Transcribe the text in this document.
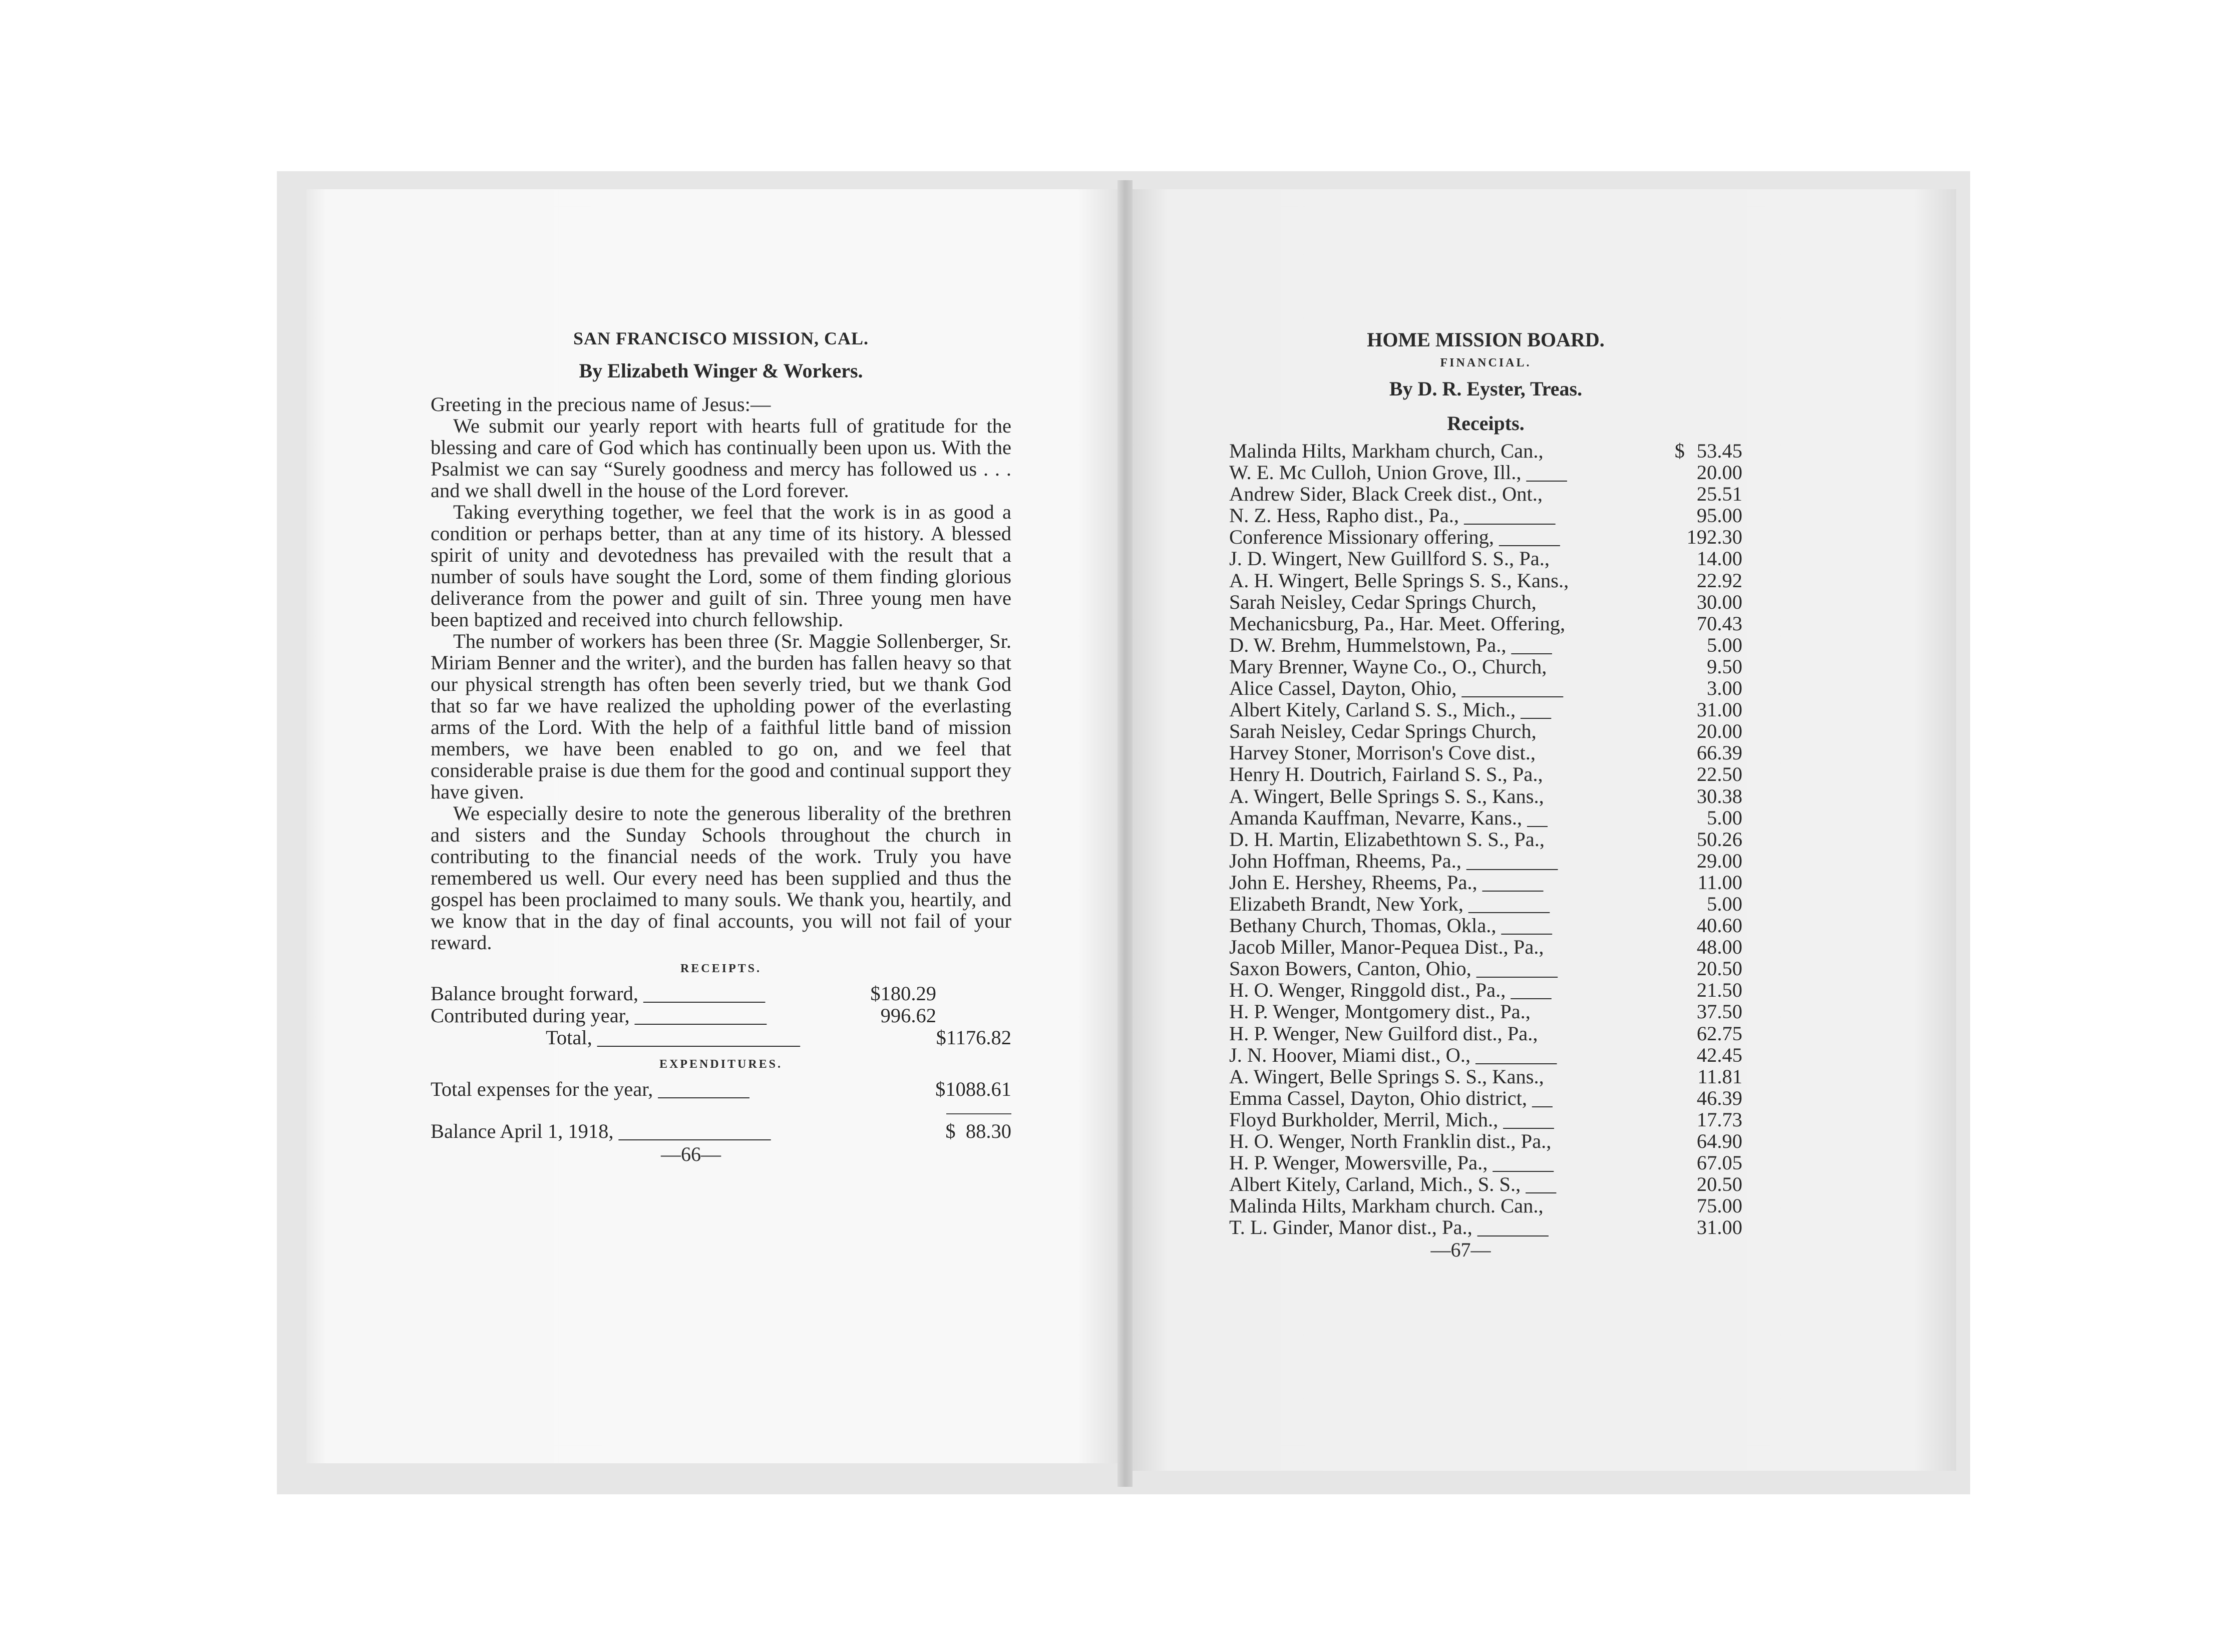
SAN FRANCISCO MISSION, CAL.
By Elizabeth Winger & Workers.

Greeting in the precious name of Jesus:—

We submit our yearly report with hearts full of gratitude for the blessing and care of God which has continually been upon us. With the Psalmist we can say “Surely goodness and mercy has followed us . . . and we shall dwell in the house of the Lord forever.

Taking everything together, we feel that the work is in as good a condition or perhaps better, than at any time of its history. A blessed spirit of unity and devotedness has prevailed with the result that a number of souls have sought the Lord, some of them finding glorious deliverance from the power and guilt of sin. Three young men have been baptized and received into church fellowship.

The number of workers has been three (Sr. Maggie Sollenberger, Sr. Miriam Benner and the writer), and the burden has fallen heavy so that our physical strength has often been severly tried, but we thank God that so far we have realized the upholding power of the everlasting arms of the Lord. With the help of a faithful little band of mission members, we have been enabled to go on, and we feel that considerable praise is due them for the good and continual support they have given.

We especially desire to note the generous liberality of the brethren and sisters and the Sunday Schools throughout the church in contributing to the financial needs of the work. Truly you have remembered us well. Our every need has been supplied and thus the gospel has been proclaimed to many souls. We thank you, heartily, and we know that in the day of final accounts, you will not fail of your reward.

RECEIPTS.
Balance brought forward, ____________	$180.29
Contributed during year, _____________	996.62
Total, ____________________	$1176.82
EXPENDITURES.
Total expenses for the year, _________	$1088.61
Balance April 1, 1918, _______________	$  88.30
—66—
HOME MISSION BOARD.
FINANCIAL.
By D. R. Eyster, Treas.
Receipts.
Malinda Hilts, Markham church, Can.,	$ 53.45
W. E. Mc Culloh, Union Grove, Ill., ____	20.00
Andrew Sider, Black Creek dist., Ont.,	25.51
N. Z. Hess, Rapho dist., Pa., _________	95.00
Conference Missionary offering, ______	192.30
J. D. Wingert, New Guillford S. S., Pa.,	14.00
A. H. Wingert, Belle Springs S. S., Kans.,	22.92
Sarah Neisley, Cedar Springs Church,	30.00
Mechanicsburg, Pa., Har. Meet. Offering,	70.43
D. W. Brehm, Hummelstown, Pa., ____	5.00
Mary Brenner, Wayne Co., O., Church,	9.50
Alice Cassel, Dayton, Ohio, __________	3.00
Albert Kitely, Carland S. S., Mich., ___	31.00
Sarah Neisley, Cedar Springs Church,	20.00
Harvey Stoner, Morrison's Cove dist.,	66.39
Henry H. Doutrich, Fairland S. S., Pa.,	22.50
A. Wingert, Belle Springs S. S., Kans.,	30.38
Amanda Kauffman, Nevarre, Kans., __	5.00
D. H. Martin, Elizabethtown S. S., Pa.,	50.26
John Hoffman, Rheems, Pa., _________	29.00
John E. Hershey, Rheems, Pa., ______	11.00
Elizabeth Brandt, New York, ________	5.00
Bethany Church, Thomas, Okla., _____	40.60
Jacob Miller, Manor-Pequea Dist., Pa.,	48.00
Saxon Bowers, Canton, Ohio, ________	20.50
H. O. Wenger, Ringgold dist., Pa., ____	21.50
H. P. Wenger, Montgomery dist., Pa.,	37.50
H. P. Wenger, New Guilford dist., Pa.,	62.75
J. N. Hoover, Miami dist., O., ________	42.45
A. Wingert, Belle Springs S. S., Kans.,	11.81
Emma Cassel, Dayton, Ohio district, __	46.39
Floyd Burkholder, Merril, Mich., _____	17.73
H. O. Wenger, North Franklin dist., Pa.,	64.90
H. P. Wenger, Mowersville, Pa., ______	67.05
Albert Kitely, Carland, Mich., S. S., ___	20.50
Malinda Hilts, Markham church. Can.,	75.00
T. L. Ginder, Manor dist., Pa., _______	31.00
—67—
